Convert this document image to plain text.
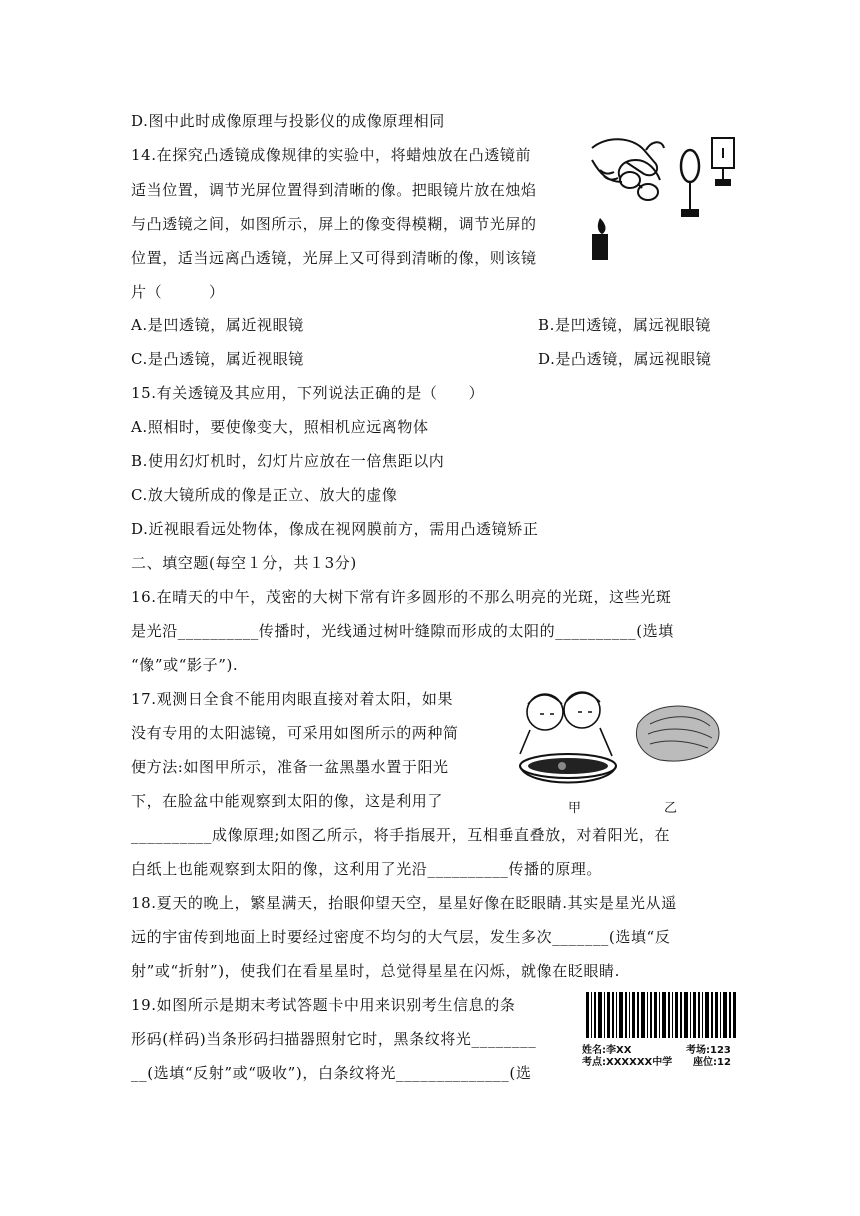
D.图中此时成像原理与投影仪的成像原理相同
14.在探究凸透镜成像规律的实验中，将蜡烛放在凸透镜前
适当位置，调节光屏位置得到清晰的像。把眼镜片放在烛焰
与凸透镜之间，如图所示，屏上的像变得模糊，调节光屏的
位置，适当远离凸透镜，光屏上又可得到清晰的像，则该镜
片（　　　）
A.是凹透镜，属近视眼镜	B.是凹透镜，属远视眼镜
C.是凸透镜，属近视眼镜	D.是凸透镜，属远视眼镜
15.有关透镜及其应用，下列说法正确的是（　　）
A.照相时，要使像变大，照相机应远离物体
B.使用幻灯机时，幻灯片应放在一倍焦距以内
C.放大镜所成的像是正立、放大的虚像
D.近视眼看远处物体，像成在视网膜前方，需用凸透镜矫正
二、填空题(每空１分，共１3分)
16.在晴天的中午，茂密的大树下常有许多圆形的不那么明亮的光斑，这些光斑
是光沿__________传播时，光线通过树叶缝隙而形成的太阳的__________(选填
“像”或“影子”).
17.观测日全食不能用肉眼直接对着太阳，如果
没有专用的太阳滤镜，可采用如图所示的两种简
便方法:如图甲所示，准备一盆黑墨水置于阳光
下，在脸盆中能观察到太阳的像，这是利用了
__________成像原理;如图乙所示，将手指展开，互相垂直叠放，对着阳光，在
白纸上也能观察到太阳的像，这利用了光沿__________传播的原理。
18.夏天的晚上，繁星满天，抬眼仰望天空，星星好像在眨眼睛.其实是星光从遥
远的宇宙传到地面上时要经过密度不均匀的大气层，发生多次_______(选填“反
射”或“折射”)，使我们在看星星时，总觉得星星在闪烁，就像在眨眼睛.
19.如图所示是期末考试答题卡中用来识别考生信息的条
形码(样码)当条形码扫描器照射它时，黑条纹将光________
__(选填“反射”或“吸收”)，白条纹将光______________(选
甲	乙
姓名:李XX	考场:123
考点:XXXXXX中学 座位:12
